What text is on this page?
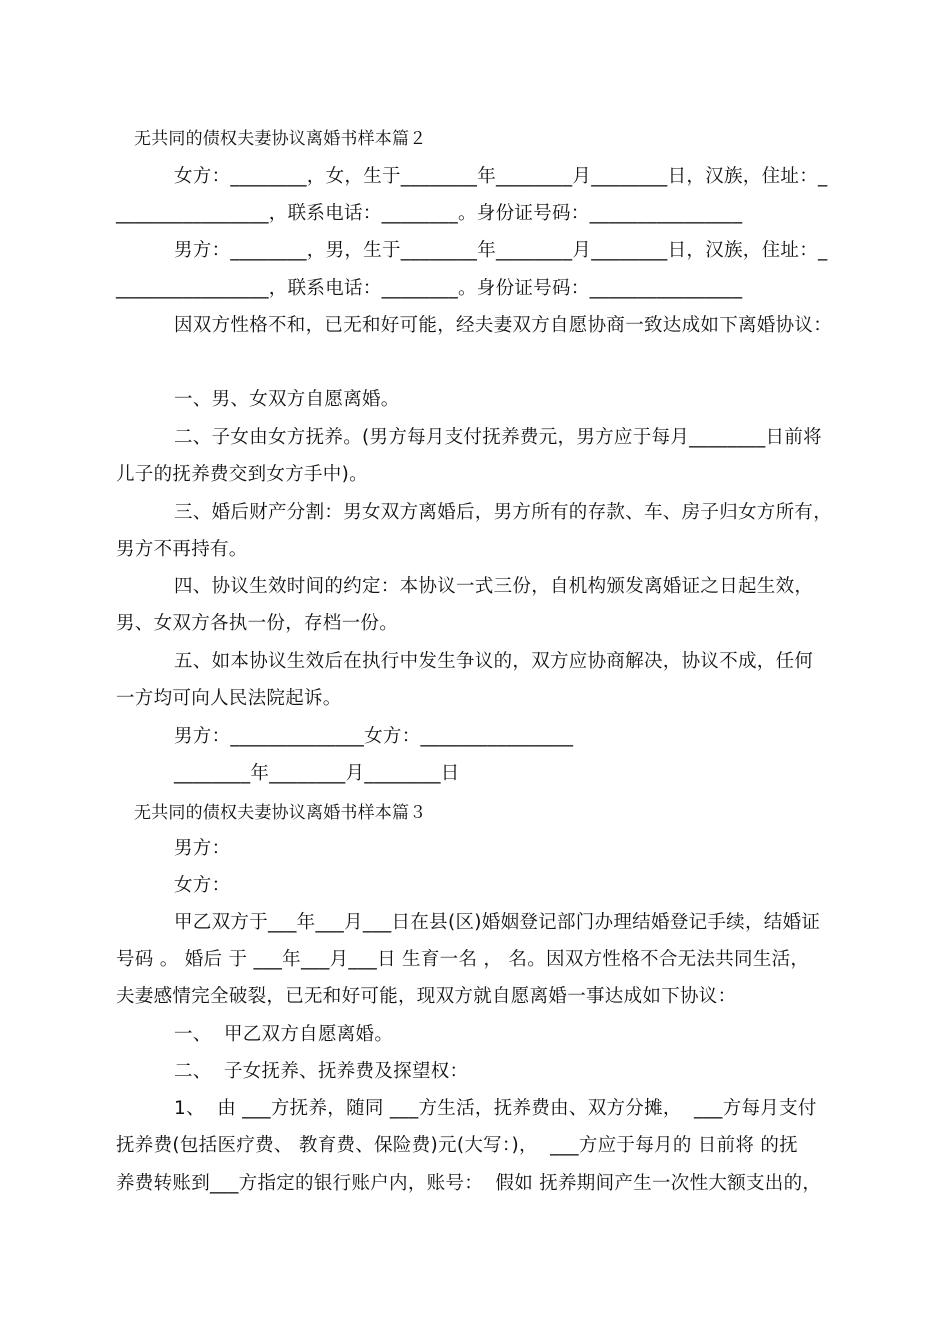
无共同的债权夫妻协议离婚书样本篇２

女方：________，女，生于________年________月________日，汉族，住址：_

________________，联系电话：________。身份证号码：________________

男方：________，男，生于________年________月________日，汉族，住址：_

________________，联系电话：________。身份证号码：________________

因双方性格不和，已无和好可能，经夫妻双方自愿协商一致达成如下离婚协议：

一、男、女双方自愿离婚。

二、子女由女方抚养。(男方每月支付抚养费元，男方应于每月________日前将

儿子的抚养费交到女方手中)。

三、婚后财产分割：男女双方离婚后，男方所有的存款、车、房子归女方所有，

男方不再持有。

四、协议生效时间的约定：本协议一式三份，自机构颁发离婚证之日起生效，

男、女双方各执一份，存档一份。

五、如本协议生效后在执行中发生争议的，双方应协商解决，协议不成，任何

一方均可向人民法院起诉。

男方：______________女方：________________

________年________月________日

无共同的债权夫妻协议离婚书样本篇３

男方：

女方：

甲乙双方于___年___月___日在县(区)婚姻登记部门办理结婚登记手续，结婚证

号码 。 婚后 于 ___年___月___日 生育一名 ， 名。因双方性格不合无法共同生活，

夫妻感情完全破裂，已无和好可能，现双方就自愿离婚一事达成如下协议：

一、  甲乙双方自愿离婚。

二、  子女抚养、抚养费及探望权：

1、  由 ___方抚养，随同 ___方生活，抚养费由、双方分摊，  ___方每月支付

抚养费(包括医疗费、 教育费、保险费)元(大写：)，  ___方应于每月的 日前将 的抚

养费转账到___方指定的银行账户内，账号：  假如 抚养期间产生一次性大额支出的，
